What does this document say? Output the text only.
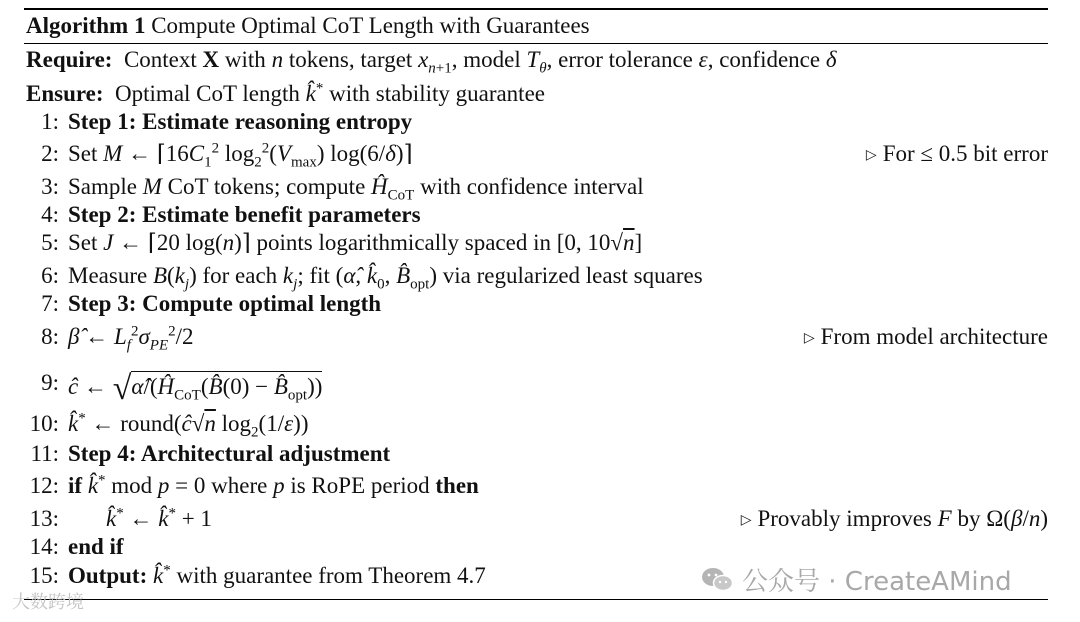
Algorithm 1 Compute Optimal CoT Length with Guarantees
Require:  Context X with n tokens, target $x_{n+1}$, model $T_\theta$, error tolerance ε, confidence δ
Ensure:  Optimal CoT length k̂* with stability guarantee
1: Step 1: Estimate reasoning entropy
2: Set M ← $⌈16C_1^2$ $\log_2^2(V_{max})$ log(6/δ)⌉	▷ For ≤ 0.5 bit error
3: Sample M CoT tokens; compute $Ĥ_{CoT}$ with confidence interval
4: Step 2: Estimate benefit parameters
5: Set J ← ⌈20 log(n)⌉ points logarithmically spaced in [0, 10√n]
6: Measure $B(k_j)$ for each $k_j$; fit (α̂, $k̂_0$, $B̂_{opt}$) via regularized least squares
7: Step 3: Compute optimal length
8: β̂ ← $L_f^2\sigma_{PE}^2/2$	▷ From model architecture
9: ĉ ← $√\alphâ/(Ĥ_{CoT}(B̂(0)$ − $B̂_{opt}$))
10: k̂* ← round(ĉ√n $\log_2(1/\varepsilon)$)
11: Step 4: Architectural adjustment
12: if k̂* mod p = 0 where p is RoPE period then
13: k̂* ← k̂* + 1	▷ Provably improves F by Ω(β/n)
14: end if
15: Output: k̂* with guarantee from Theorem 4.7	公众号 · CreateAMind
大数跨境
